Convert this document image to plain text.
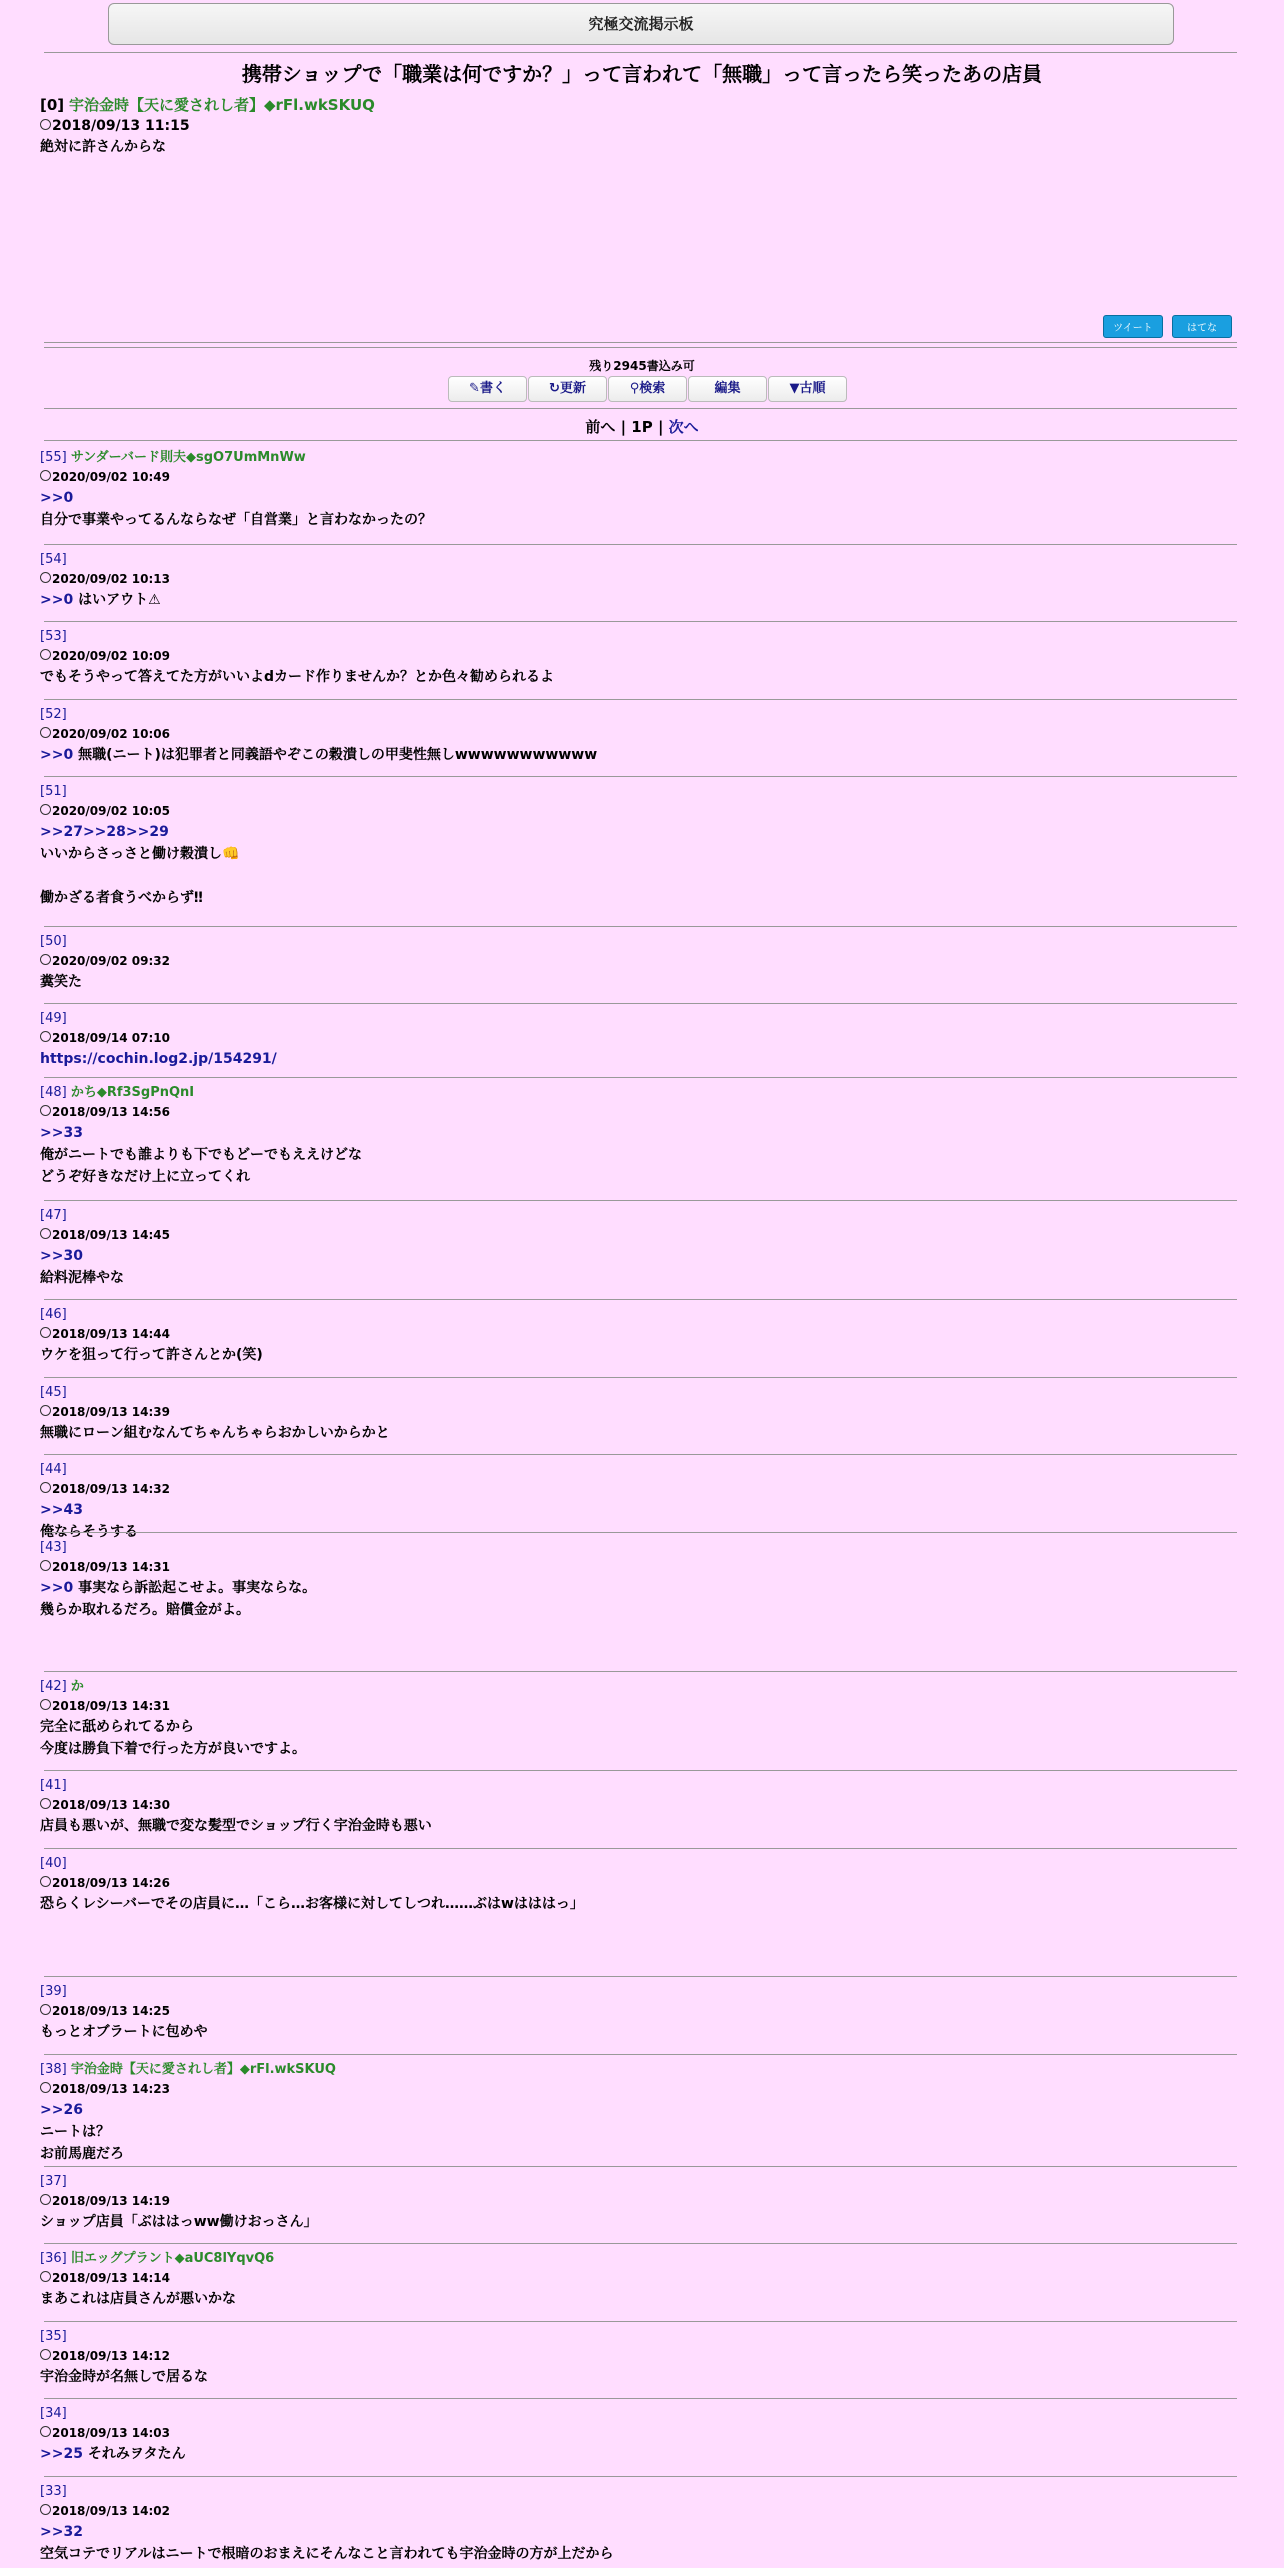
究極交流掲示板
携帯ショップで「職業は何ですか？」って言われて「無職」って言ったら笑ったあの店員
[0] 宇治金時【天に愛されし者】◆rFl.wkSKUQ
2018/09/13 11:15
絶対に許さんからな
ツイート	はてな
残り2945書込み可
✎書く	↻更新	⚲検索	編集	▼古順
前へ | 1P | 次へ
[55] サンダーバード則夫◆sgO7UmMnWw
2020/09/02 10:49
>>0
自分で事業やってるんならなぜ「自営業」と言わなかったの？
[54]
2020/09/02 10:13
>>0 はいアウト⚠
[53]
2020/09/02 10:09
でもそうやって答えてた方がいいよdカード作りませんか？とか色々勧められるよ
[52]
2020/09/02 10:06
>>0 無職(ニート)は犯罪者と同義語やぞこの穀潰しの甲斐性無しwwwwwwwwwww
[51]
2020/09/02 10:05
>>27>>28>>29
いいからさっさと働け穀潰し👊
働かざる者食うべからず‼
[50]
2020/09/02 09:32
糞笑た
[49]
2018/09/14 07:10
https://cochin.log2.jp/154291/
[48] かち◆Rf3SgPnQnI
2018/09/13 14:56
>>33
俺がニートでも誰よりも下でもどーでもええけどな
どうぞ好きなだけ上に立ってくれ
[47]
2018/09/13 14:45
>>30
給料泥棒やな
[46]
2018/09/13 14:44
ウケを狙って行って許さんとか(笑)
[45]
2018/09/13 14:39
無職にローン組むなんてちゃんちゃらおかしいからかと
[44]
2018/09/13 14:32
>>43
俺ならそうする
[43]
2018/09/13 14:31
>>0 事実なら訴訟起こせよ。事実ならな。
幾らか取れるだろ。賠償金がよ。
[42] か
2018/09/13 14:31
完全に舐められてるから
今度は勝負下着で行った方が良いですよ。
[41]
2018/09/13 14:30
店員も悪いが、無職で変な髪型でショップ行く宇治金時も悪い
[40]
2018/09/13 14:26
恐らくレシーバーでその店員に…「こら…お客様に対してしつれ……ぶはwはははっ」
[39]
2018/09/13 14:25
もっとオブラートに包めや
[38] 宇治金時【天に愛されし者】◆rFl.wkSKUQ
2018/09/13 14:23
>>26
ニートは？
お前馬鹿だろ
[37]
2018/09/13 14:19
ショップ店員「ぶははっww働けおっさん」
[36] 旧エッグプラント◆aUC8lYqvQ6
2018/09/13 14:14
まあこれは店員さんが悪いかな
[35]
2018/09/13 14:12
宇治金時が名無しで居るな
[34]
2018/09/13 14:03
>>25 それみヲタたん
[33]
2018/09/13 14:02
>>32
空気コテでリアルはニートで根暗のおまえにそんなこと言われても宇治金時の方が上だから
